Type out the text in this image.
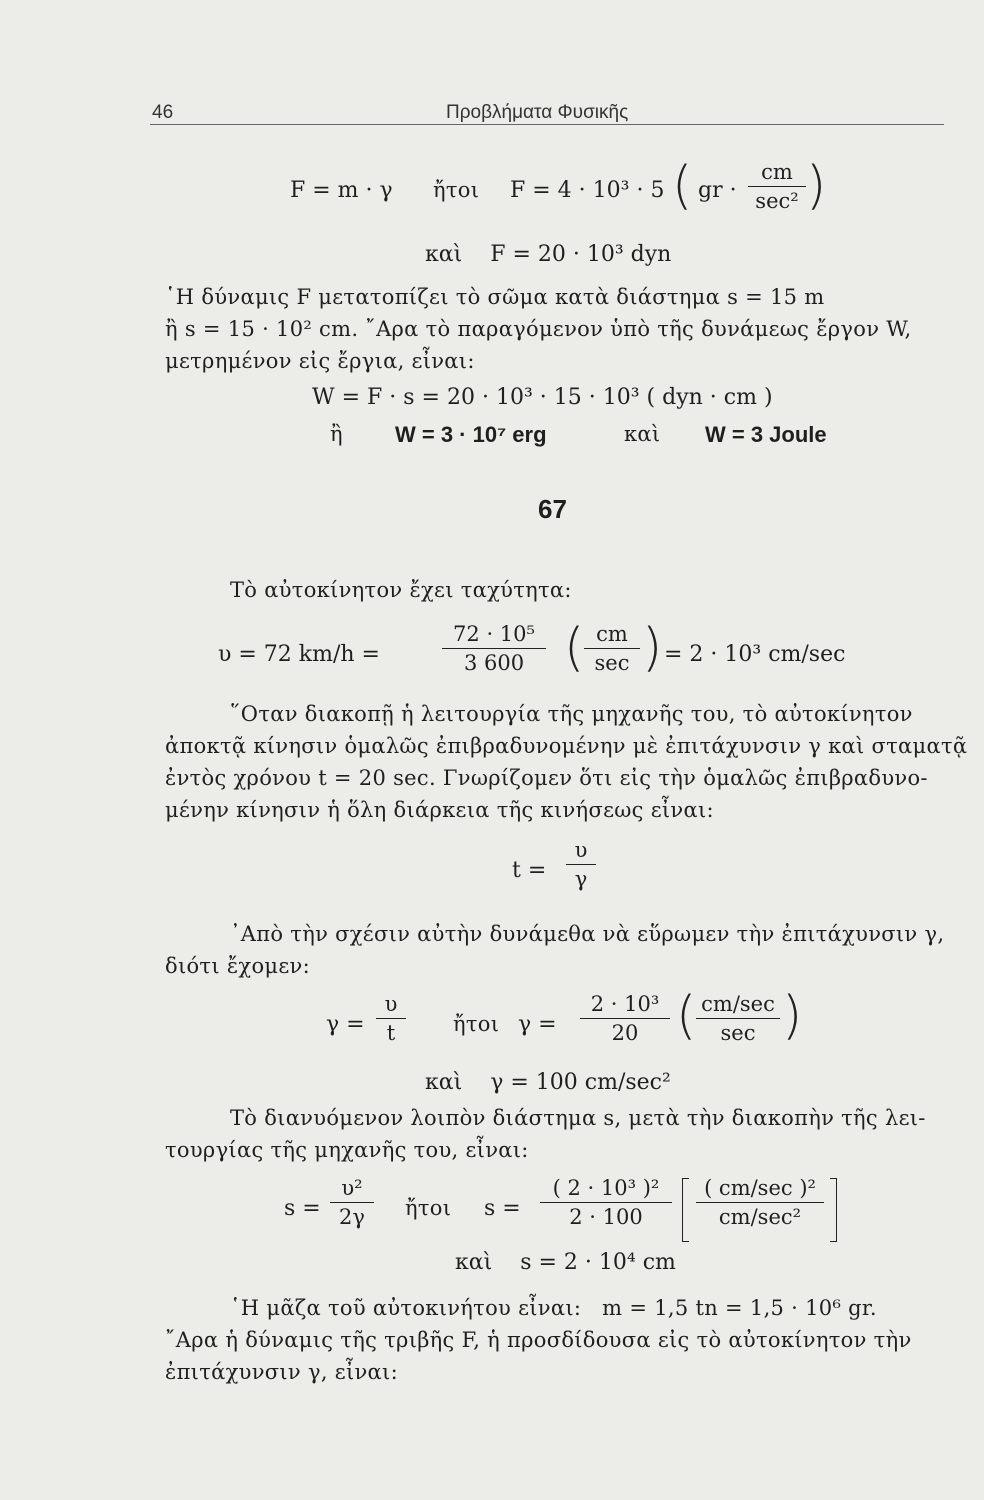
46	Προβλήματα Φυσικῆς
F = m · γ ἤτοι F = 4 · 10³ · 5 ( gr ·
cm
sec² )
καὶ    F = 20 · 10³ dyn
῾Η δύναμις F μετατοπίζει τὸ σῶμα κατὰ διάστημα s = 15 m
ἢ s = 15 · 10² cm. ῎Αρα τὸ παραγόμενον ὑπὸ τῆς δυνάμεως ἔργον W,
μετρημένον εἰς ἔργια, εἶναι:
W = F · s = 20 · 10³ · 15 · 10³ ( dyn · cm )
ἢ W = 3 · 10⁷ erg	καὶ W = 3 Joule
67
Τὸ αὐτοκίνητον ἔχει ταχύτητα:
υ = 72 km/h =	$\frac{\text{72 · 10⁵}}{3 600}$ ( cm
sec ) = 2 · 10³ cm/sec
῞Οταν διακοπῇ ἡ λειτουργία τῆς μηχανῆς του, τὸ αὐτοκίνητον
ἀποκτᾷ κίνησιν ὁμαλῶς ἐπιβραδυνομένην μὲ ἐπιτάχυνσιν γ καὶ σταματᾷ
ἐντὸς χρόνου t = 20 sec. Γνωρίζομεν ὅτι εἰς τὴν ὁμαλῶς ἐπιβραδυνο-
μένην κίνησιν ἡ ὅλη διάρκεια τῆς κινήσεως εἶναι:
$t = \frac{\upsilon}{\gamma}$
᾿Απὸ τὴν σχέσιν αὐτὴν δυνάμεθα νὰ εὕρωμεν τὴν ἐπιτάχυνσιν γ,
διότι ἔχομεν:
$\gamma = \frac{\upsilon}{t}$ ἤτοι $\gamma = \frac{\text{2 · 10³}}{20}$ ( cm/sec
sec )
καὶ    γ = 100 cm/sec²
Τὸ διανυόμενον λοιπὸν διάστημα s, μετὰ τὴν διακοπὴν τῆς λει-
τουργίας τῆς μηχανῆς του, εἶναι:
$s = \frac{\text{υ²}}{2\gamma}$ ἤτοι $s = \frac{\text{( 2 · 10³ )²}}{2 \cdot 100}$	( cm/sec )²
cm/sec²
καὶ    s = 2 · 10⁴ cm
῾Η μᾶζα τοῦ αὐτοκινήτου εἶναι:   m = 1,5 tn = 1,5 · 10⁶ gr.
῎Αρα ἡ δύναμις τῆς τριβῆς F, ἡ προσδίδουσα εἰς τὸ αὐτοκίνητον τὴν
ἐπιτάχυνσιν γ, εἶναι:
